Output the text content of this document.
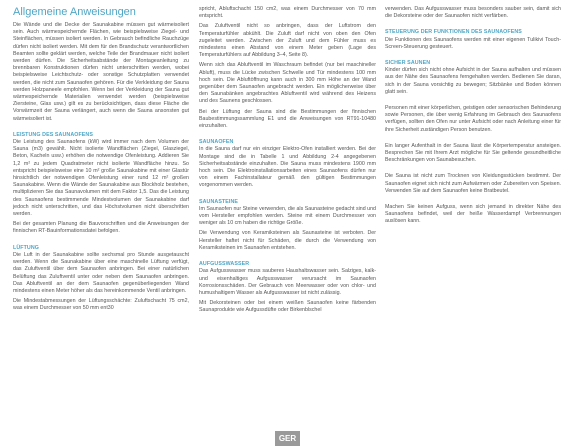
Allgemeine Anweisungen

Die Wände und die Decke der Saunakabine müssen gut wärmeisoliert sein. Auch wärmespeichernde Flächen, wie beispielsweise Ziegel- und Steinflächen, müssen isoliert werden. In Gebrauch befindliche Rauchzüge dürfen nicht isoliert werden. Mit dem für den Brandschutz verantwortlichen Beamten sollte geklärt werden, welche Teile der Brandmauer nicht isoliert werden dürfen. Die Sicherheitsabstände der Montageanleitung zu brennbaren Konstruktionen dürfen nicht unterschritten werden, wobei beispielsweise Leichtschutz- oder sonstige Schutzplatten verwendet werden, die nicht zum Saunaofen gehören. Für die Verkleidung der Sauna werden Holzpaneele empfohlen. Wenn bei der Verkleidung der Sauna gut wärmespeichernde Materialien verwendet werden (beispielsweise Ziersteine, Glas usw.) gilt es zu berücksichtigen, dass diese Fläche die Vorwärmzeit der Sauna verlängert, auch wenn die Sauna ansonsten gut wärmeisoliert ist.

LEISTUNG DES SAUNAOFENS

Die Leistung des Saunaofens (kW) wird immer nach dem Volumen der Sauna (m3) gewählt. Nicht isolierte Wandflächen (Ziegel, Glasziegel, Beton, Kacheln usw.) erhöhen die notwendige Ofenleistung. Addieren Sie 1,2 m² zu jedem Quadratmeter nicht isolierte Wandfläche hinzu. So entspricht beispielsweise eine 10 m² große Saunakabine mit einer Glastür hinsichtlich der notwendigen Ofenleistung einer rund 12 m² großen Saunakabine. Wenn die Wände der Saunakabine aus Blockholz bestehen, multiplizieren Sie das Saunavolumen mit dem Faktor 1,5. Das die Leistung des Saunaofens bestimmende Mindestvolumen der Saunakabine darf jedoch nicht unterschritten, und das Höchstvolumen nicht überschritten werden.

Bei der gesamten Planung die Bauvorschriften und die Anweisungen der finnischen RT-Bauinformationsdatei befolgen.

LÜFTUNG

Die Luft in der Saunakabine sollte sechsmal pro Stunde ausgetauscht werden. Wenn die Saunakabine über eine maschinelle Lüftung verfügt, das Zuluftventil über dem Saunaofen anbringen. Bei einer natürlichen Belüftung das Zuluftventil unter oder neben dem Saunaofen anbringen. Das Abluftventil an der dem Saunaofen gegenüberliegenden Wand mindestens einen Meter höher als das hereinkommende Ventil anbringen.

Die Mindestabmessungen der Lüftungsschächte: Zuluftschacht 75 cm2, was einem Durchmesser von 50 mm ent30

spricht, Abluftschacht 150 cm2, was einem Durchmesser von 70 mm entspricht.

Das Zuluftventil nicht so anbringen, dass der Luftstrom den Temperaturfühler abkühlt. Die Zuluft darf nicht von oben den Ofen zugeleitet werden. Zwischen der Zuluft und dem Fühler muss es mindestens einen Abstand von einem Meter geben (Lage des Temperaturfühlers auf Abbildung 3–4, Seite 8).

Wenn sich das Abluftventil im Waschraum befindet (nur bei maschineller Abluft), muss die Lücke zwischen Schwelle und Tür mindestens 100 mm hoch sein. Die Abluftöffnung kann auch in 300 mm Höhe an der Wand gegenüber dem Saunaofen angebracht werden. Ein möglicherweise über den Saunabänken angebrachtes Abluftventil wird während des Heizens und des Saunens geschlossen.

Bei der Lüftung der Sauna sind die Bestimmungen der finnischen Baubestimmungssammlung E1 und die Anweisungen von RT91-10480 einzuhalten.

SAUNAOFEN

In die Sauna darf nur ein einziger Elektro-Ofen installiert werden. Bei der Montage sind die in Tabelle 1 und Abbildung 2-4 angegebenen Sicherheitsabstände einzuhalten. Die Sauna muss mindestens 1900 mm hoch sein. Die Elektroinstallationsarbeiten eines Saunaofens dürfen nur von einem Fachinstallateur gemäß den gültigen Bestimmungen vorgenommen werden.

SAUNASTEINE

Im Saunaofen nur Steine verwenden, die als Saunasteine gedacht sind und vom Hersteller empfohlen werden. Steine mit einem Durchmesser von weniger als 10 cm haben die richtige Größe.

Die Verwendung von Keramiksteinen als Saunasteine ist verboten. Der Hersteller haftet nicht für Schäden, die durch die Verwendung von Keramiksteinen im Saunaofen entstehen.

AUFGUSSWASSER

Das Aufgusswasser muss sauberes Haushaltswasser sein. Salziges, kalk- und eisenhaltiges Aufgusswasser verursacht im Saunaofen Korrosionsschäden. Der Gebrauch von Meerwasser oder von chlor- und humushaltigem Wasser als Aufgusswasser ist nicht zulässig.

Mit Dekorsteinen oder bei einem weißen Saunaofen keine färbenden Saunaprodukte wie Aufgussdüfte oder Birkenblschel

verwenden. Das Aufgusswasser muss besonders sauber sein, damit sich die Dekorsteine oder der Saunaofen nicht verfärben.

STEUERUNG DER FUNKTIONEN DES SAUNAOFENS

Die Funktionen des Saunaofens werden mit einer eigenen Tulikivi Touch-Screen-Steuerung gesteuert.

SICHER SAUNEN

Kinder dürfen sich nicht ohne Aufsicht in der Sauna aufhalten und müssen aus der Nähe des Saunaofens ferngehalten werden. Bedienen Sie daran, sich in der Sauna vorsichtig zu bewegen; Sitzbänke und Boden können glatt sein.

Personen mit einer körperlichen, geistigen oder sensorischen Behinderung sowie Personen, die über wenig Erfahrung im Gebrauch des Saunaofens verfügen, sollten den Ofen nur unter Aufsicht oder nach Anleitung einer für ihre Sicherheit zuständigen Person benutzen.

Ein langer Aufenthalt in der Sauna lässt die Körpertemperatur ansteigen. Besprechen Sie mit Ihrem Arzt mögliche für Sie geltende gesundheitliche Beschränkungen von Saunabesuchen.

Die Sauna ist nicht zum Trocknen von Kleidungsstücken bestimmt. Der Saunaofen eignet sich nicht zum Aufwärmen oder Zubereiten von Speisen. Verwenden Sie auf dem Saunaofen keine Bratbeutel.

Machen Sie keinen Aufguss, wenn sich jemand in direkter Nähe des Saunaofens befindet, weil der heiße Wasserdampf Verbrennungen auslösen kann.

GER
